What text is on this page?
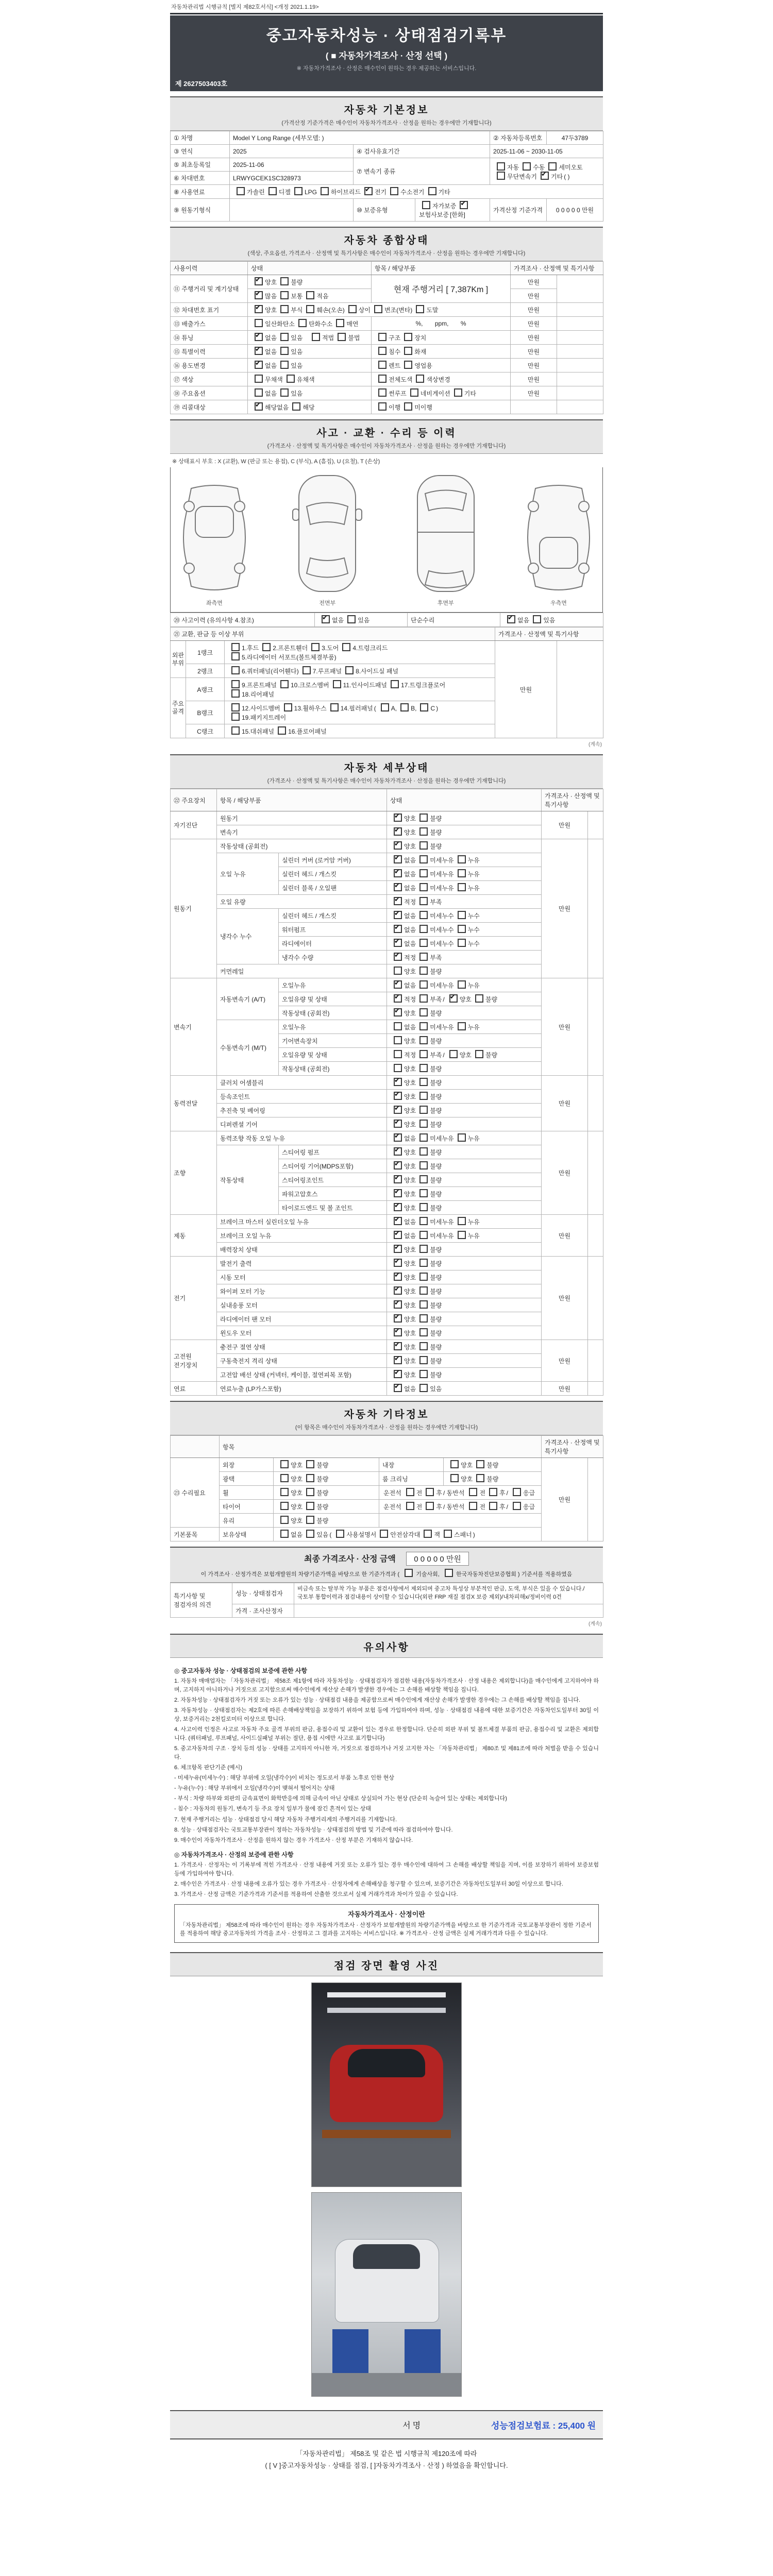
자동차관리법 시행규칙 [별지 제82호서식] <개정 2021.1.19>
중고자동차성능 · 상태점검기록부
( ■ 자동차가격조사 · 산정 선택 )
※ 자동차가격조사 · 산정은 매수인이 원하는 경우 제공하는 서비스입니다.
제 2627503403호
자동차 기본정보
(가격산정 기준가격은 매수인이 자동차가격조사 · 산정을 원하는 경우에만 기재합니다)
① 차명	Model Y Long Range (세부모델: )			② 자동차등록번호	47두3789
③ 연식	2025	④ 검사유효기간		2025-11-06 ~ 2030-11-05	
⑤ 최초등록일	2025-11-06	⑦ 변속기 종류		자동 수동 세미오토
무단변속기 ✔ 기타 ( )
⑥ 차대번호	LRWYGCEK1SC328973				
⑧ 사용연료	가솔린 디젤 LPG 하이브리드 ✔ 전기 수소전기 기타
⑨ 원동기형식		⑩ 보증유형	자가보증✔보험사보증 [한화]	가격산정 기준가격	0 0 0 0 0 만원
자동차 종합상태
(색상, 주요옵션, 가격조사 · 산정액 및 특기사항은 매수인이 자동차가격조사 · 산정을 원하는 경우에만 기재합니다)
사용이력	상태	항목 / 해당부품	가격조사 · 산정액 및 특기사항	
⑪ 주행거리 및 계기상태	✔양호 불량	현재 주행거리 [ 7,387Km ]	만원	
✔많음 보통 적음		만원	
⑫ 차대번호 표기	✔양호 부식 훼손(오손) 상이 변조(변타) 도말		만원	
⑬ 배출가스	일산화탄소 탄화수소 매연	%,       ppm,       %	만원	
⑭ 튜닝	✔없음 있음 적법 불법	구조 장치	만원	
⑮ 특별이력	✔없음 있음	침수 화재	만원	
⑯ 용도변경	✔없음 있음	렌트 영업용	만원	
⑰ 색상	무채색 유채색	전체도색 색상변경	만원	
⑱ 주요옵션	없음 있음	썬루프 네비게이션 기타	만원	
⑲ 리콜대상	✔해당없음 해당	이행 미이행		
사고 · 교환 · 수리 등 이력
(가격조사 · 산정액 및 특기사항은 매수인이 자동차가격조사 · 산정을 원하는 경우에만 기재합니다)
※ 상태표시 부호 : X (교환), W (판금 또는 용접), C (부식), A (흠집), U (요철), T (손상)
좌측면	전면부	후면부	우측면
⑳ 사고이력 (유의사항 4.참조)	✔없음 있음	단순수리	✔없음 있음
㉑ 교환, 판금 등 이상 부위			가격조사 · 산정액 및 특기사항	
외판부위	1랭크	1.후드 2.프론트휀더 3.도어 4.트렁크리드
5.라디에이터 서포트(볼트체결부품)	만원	
	2랭크	6.쿼터패널(리어휀다) 7.루프패널 8.사이드실 패널		
주요골격	A랭크	9.프론트패널 10.크로스멤버 11.인사이드패널 17.트렁크플로어
18.리어패널		
	B랭크	12.사이드멤버 13.휠하우스 14.필러패널 ( A, B, C )
19.패키지트레이		
	C랭크	15.대쉬패널 16.플로어패널		
(계속)
자동차 세부상태
(가격조사 · 산정액 및 특기사항은 매수인이 자동차가격조사 · 산정을 원하는 경우에만 기재합니다)
㉒ 주요장치	항목 / 해당부품		상태	가격조사 · 산정액 및 특기사항	
자기진단	원동기	✔양호 불량	만원	
	변속기	✔양호 불량
원동기	작동상태 (공회전)	✔양호 불량	만원	
	오일 누유	실린더 커버 (로커암 커버)	✔없음 미세누유 누유
		실린더 헤드 / 개스킷	✔없음 미세누유 누유
		실린더 블록 / 오일팬	✔없음 미세누유 누유
	오일 유량	✔적정 부족
	냉각수 누수	실린더 헤드 / 개스킷	✔없음 미세누수 누수
		워터펌프	✔없음 미세누수 누수
		라디에이터	✔없음 미세누수 누수
		냉각수 수량	✔적정 부족
	커먼레일		양호 불량		
변속기	자동변속기 (A/T)	오일누유	✔없음 미세누유 누유	만원	
		오일유량 및 상태	✔적정 부족 / ✔ 양호 불량
		작동상태 (공회전)	✔양호 불량
	수동변속기 (M/T)	오일누유	없음 미세누유 누유		
		기어변속장치	양호 불량		
		오일유량 및 상태	적정 부족 / 양호 불량		
		작동상태 (공회전)	양호 불량		
동력전달	클러치 어셈블리	✔양호 불량	만원	
	등속조인트	✔양호 불량
	추진축 및 베어링	✔양호 불량
	디퍼렌셜 기어	✔양호 불량
조향	동력조향 작동 오일 누유	✔없음 미세누유 누유	만원	
	작동상태	스티어링 펌프	✔양호 불량
		스티어링 기어(MDPS포함)	✔양호 불량
		스티어링조인트	✔양호 불량
		파워고압호스	✔양호 불량
		타이로드엔드 및 볼 조인트	✔양호 불량
제동	브레이크 마스터 실린더오일 누유	✔없음 미세누유 누유	만원	
	브레이크 오일 누유	✔없음 미세누유 누유
	배력장치 상태	✔양호 불량
전기	발전기 출력	✔양호 불량	만원	
	시동 모터	✔양호 불량
	와이퍼 모터 기능	✔양호 불량
	실내송풍 모터	✔양호 불량
	라디에이터 팬 모터	✔양호 불량
	윈도우 모터	✔양호 불량
고전원 전기장치	충전구 절연 상태	✔양호 불량	만원	
	구동축전지 격리 상태	✔양호 불량
	고전압 배선 상태 (커넥터, 케이블, 절연피복 포함)	✔양호 불량
연료	연료누출 (LP가스포함)	✔없음 있음	만원	
자동차 기타정보
(이 항목은 매수인이 자동차가격조사 · 산정을 원하는 경우에만 기재합니다)
	항목				가격조사 · 산정액 및 특기사항	
㉓ 수리필요	외장	양호 불량	내장	양호 불량	만원	
	광택	양호 불량	룸 크리닝	양호 불량		
	휠	양호 불량	운전석 전 후 / 동반석 전 후 / 응급			
	타이어	양호 불량	운전석 전 후 / 동반석 전 후 / 응급			
	유리	양호 불량				
기본품목	보유상태	없음 있음 ( 사용설명서 안전삼각대 잭 스패너 )				
최종 가격조사 · 산정 금액 0 0 0 0 0 만원
이 가격조사 · 산정가격은 보험개발원의 차량기준가액을 바탕으로 한 기준가격과 (	기술사회,	한국자동차진단보증협회 ) 기준서를 적용하였음
특기사항 및 점검자의 의견	성능 · 상태점검자	비금속 또는 탈부착 가능 부품은 점검사항에서 제외되며 중고차 특성상 부분적인 판금, 도색, 부식은 있을 수 있습니다./국토부 통합이력과 점검내용이 상이할 수 있습니다(외판 FRP 재질 점검X 보증 제외)/내차피해x/정비이력 0건
	가격 · 조사산정자	
(계속)
유의사항
◎ 중고자동차 성능 · 상태점검의 보증에 관한 사항
1. 자동차 매매업자는 「자동차관리법」 제58조 제1항에 따라 자동차성능 · 상태점검자가 점검한 내용(자동차가격조사 · 산정 내용은 제외합니다)을 매수인에게 고지하여야 하며, 고지하지 아니하거나 거짓으로 고지함으로써 매수인에게 재산상 손해가 발생한 경우에는 그 손해를 배상할 책임을 집니다.
2. 자동차성능 · 상태점검자가 거짓 또는 오류가 있는 성능 · 상태점검 내용을 제공함으로써 매수인에게 재산상 손해가 발생한 경우에는 그 손해를 배상할 책임을 집니다.
3. 자동차성능 · 상태점검자는 제2호에 따른 손해배상책임을 보장하기 위하여 보험 등에 가입하여야 하며, 성능 · 상태점검 내용에 대한 보증기간은 자동차인도일부터 30일 이상, 보증거리는 2천킬로미터 이상으로 합니다.
4. 사고이력 인정은 사고로 자동차 주요 골격 부위의 판금, 용접수리 및 교환이 있는 경우로 한정합니다. 단순히 외판 부위 및 볼트체결 부품의 판금, 용접수리 및 교환은 제외합니다. (쿼터패널, 루프패널, 사이드실패널 부위는 절단, 용접 시에만 사고로 표기합니다)
5. 중고자동차의 구조 · 장치 등의 성능 · 상태를 고지하지 아니한 자, 거짓으로 점검하거나 거짓 고지한 자는 「자동차관리법」 제80조 및 제81조에 따라 처벌을 받을 수 있습니다.
6. 체크항목 판단기준 (예시)
- 미세누유(미세누수) : 해당 부위에 오일(냉각수)이 비치는 정도로서 부품 노후로 인한 현상
- 누유(누수) : 해당 부위에서 오일(냉각수)이 맺혀서 떨어지는 상태
- 부식 : 차량 하부와 외판의 금속표면이 화학반응에 의해 금속이 아닌 상태로 상실되어 가는 현상 (단순히 녹슬어 있는 상태는 제외합니다)
- 침수 : 자동차의 원동기, 변속기 등 주요 장치 일부가 물에 잠긴 흔적이 있는 상태
7. 현재 주행거리는 성능 · 상태점검 당시 해당 자동차 주행거리계의 주행거리를 기재합니다.
8. 성능 · 상태점검자는 국토교통부장관이 정하는 자동차성능 · 상태점검의 방법 및 기준에 따라 점검하여야 합니다.
9. 매수인이 자동차가격조사 · 산정을 원하지 않는 경우 가격조사 · 산정 부분은 기재하지 않습니다.
◎ 자동차가격조사 · 산정의 보증에 관한 사항
1. 가격조사 · 산정자는 이 기록부에 적힌 가격조사 · 산정 내용에 거짓 또는 오류가 있는 경우 매수인에 대하여 그 손해를 배상할 책임을 지며, 이를 보장하기 위하여 보증보험 등에 가입하여야 합니다.
2. 매수인은 가격조사 · 산정 내용에 오류가 있는 경우 가격조사 · 산정자에게 손해배상을 청구할 수 있으며, 보증기간은 자동차인도일부터 30일 이상으로 합니다.
3. 가격조사 · 산정 금액은 기준가격과 기준서를 적용하여 산출한 것으로서 실제 거래가격과 차이가 있을 수 있습니다.
자동차가격조사 · 산정이란
「자동차관리법」 제58조에 따라 매수인이 원하는 경우 자동차가격조사 · 산정자가 보험개발원의 차량기준가액을 바탕으로 한 기준가격과 국토교통부장관이 정한 기준서를 적용하여 해당 중고자동차의 가격을 조사 · 산정하고 그 결과를 고지하는 서비스입니다. ※ 가격조사 · 산정 금액은 실제 거래가격과 다를 수 있습니다.
점검 장면 촬영 사진
서명	성능점검보험료 : 25,400 원
「자동차관리법」 제58조 및 같은 법 시행규칙 제120조에 따라
( [ V ]중고자동차성능 · 상태를 점검, [ ]자동차가격조사 · 산정 ) 하였음을 확인합니다.
